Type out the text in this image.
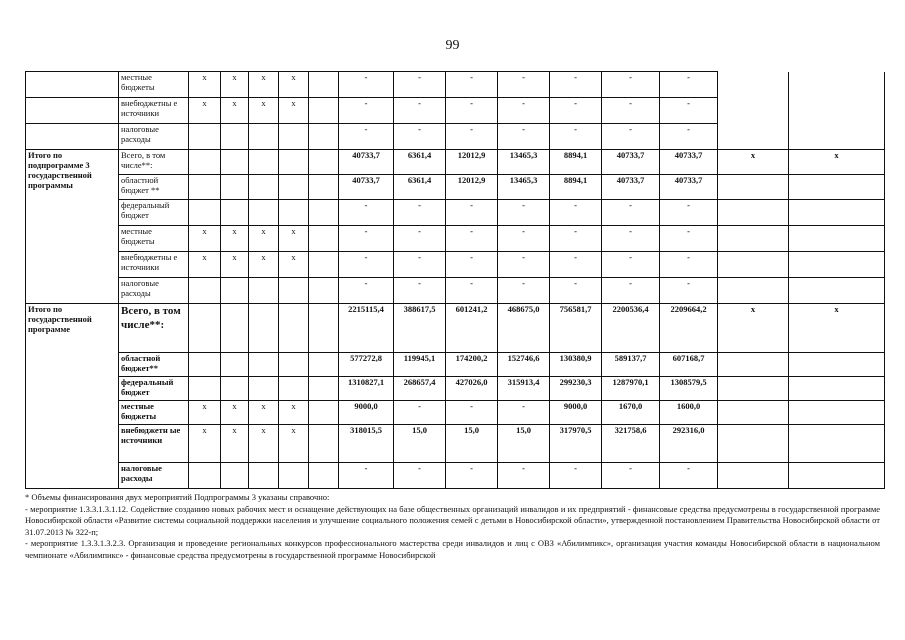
99
	местные бюджеты	x	x	x	x		-	-	-	-	-	-	-		
	внебюджетны е источники	x	x	x	x		-	-	-	-	-	-	-		
	налоговые расходы						-	-	-	-	-	-	-		
Итого по подпрограмме 3 государственной программы	Всего, в том числе**:						40733,7	6361,4	12012,9	13465,3	8894,1	40733,7	40733,7	x	x
	областной бюджет **						40733,7	6361,4	12012,9	13465,3	8894,1	40733,7	40733,7		
	федеральный бюджет						-	-	-	-	-	-	-		
	местные бюджеты	x	x	x	x		-	-	-	-	-	-	-		
	внебюджетны е источники	x	x	x	x		-	-	-	-	-	-	-		
	налоговые расходы						-	-	-	-	-	-	-		
Итого по государственной программе	Всего, в том числе**:						2215115,4	388617,5	601241,2	468675,0	756581,7	2200536,4	2209664,2	x	x
	областной бюджет**						577272,8	119945,1	174200,2	152746,6	130380,9	589137,7	607168,7		
	федеральный бюджет						1310827,1	268657,4	427026,0	315913,4	299230,3	1287970,1	1308579,5		
	местные бюджеты	x	x	x	x		9000,0	-	-	-	9000,0	1670,0	1600,0		
	внебюджетн ые источники	x	x	x	x		318015,5	15,0	15,0	15,0	317970,5	321758,6	292316,0		
	налоговые расходы						-	-	-	-	-	-	-		

* Объемы финансирования двух мероприятий Подпрограммы 3 указаны справочно:

- мероприятие 1.3.3.1.3.1.12. Содействие созданию новых рабочих мест и оснащение действующих на базе общественных организаций инвалидов и их предприятий - финансовые средства предусмотрены в государственной программе Новосибирской области «Развитие системы социальной поддержки населения и улучшение социального положения семей с детьми в Новосибирской области», утвержденной постановлением Правительства Новосибирской области от 31.07.2013 № 322-п;

- мероприятие 1.3.3.1.3.2.3. Организация и проведение региональных конкурсов профессионального мастерства среди инвалидов и лиц с ОВЗ «Абилимпикс», организация участия команды Новосибирской области в национальном чемпионате «Абилимпикс» - финансовые средства предусмотрены в государственной программе Новосибирской
